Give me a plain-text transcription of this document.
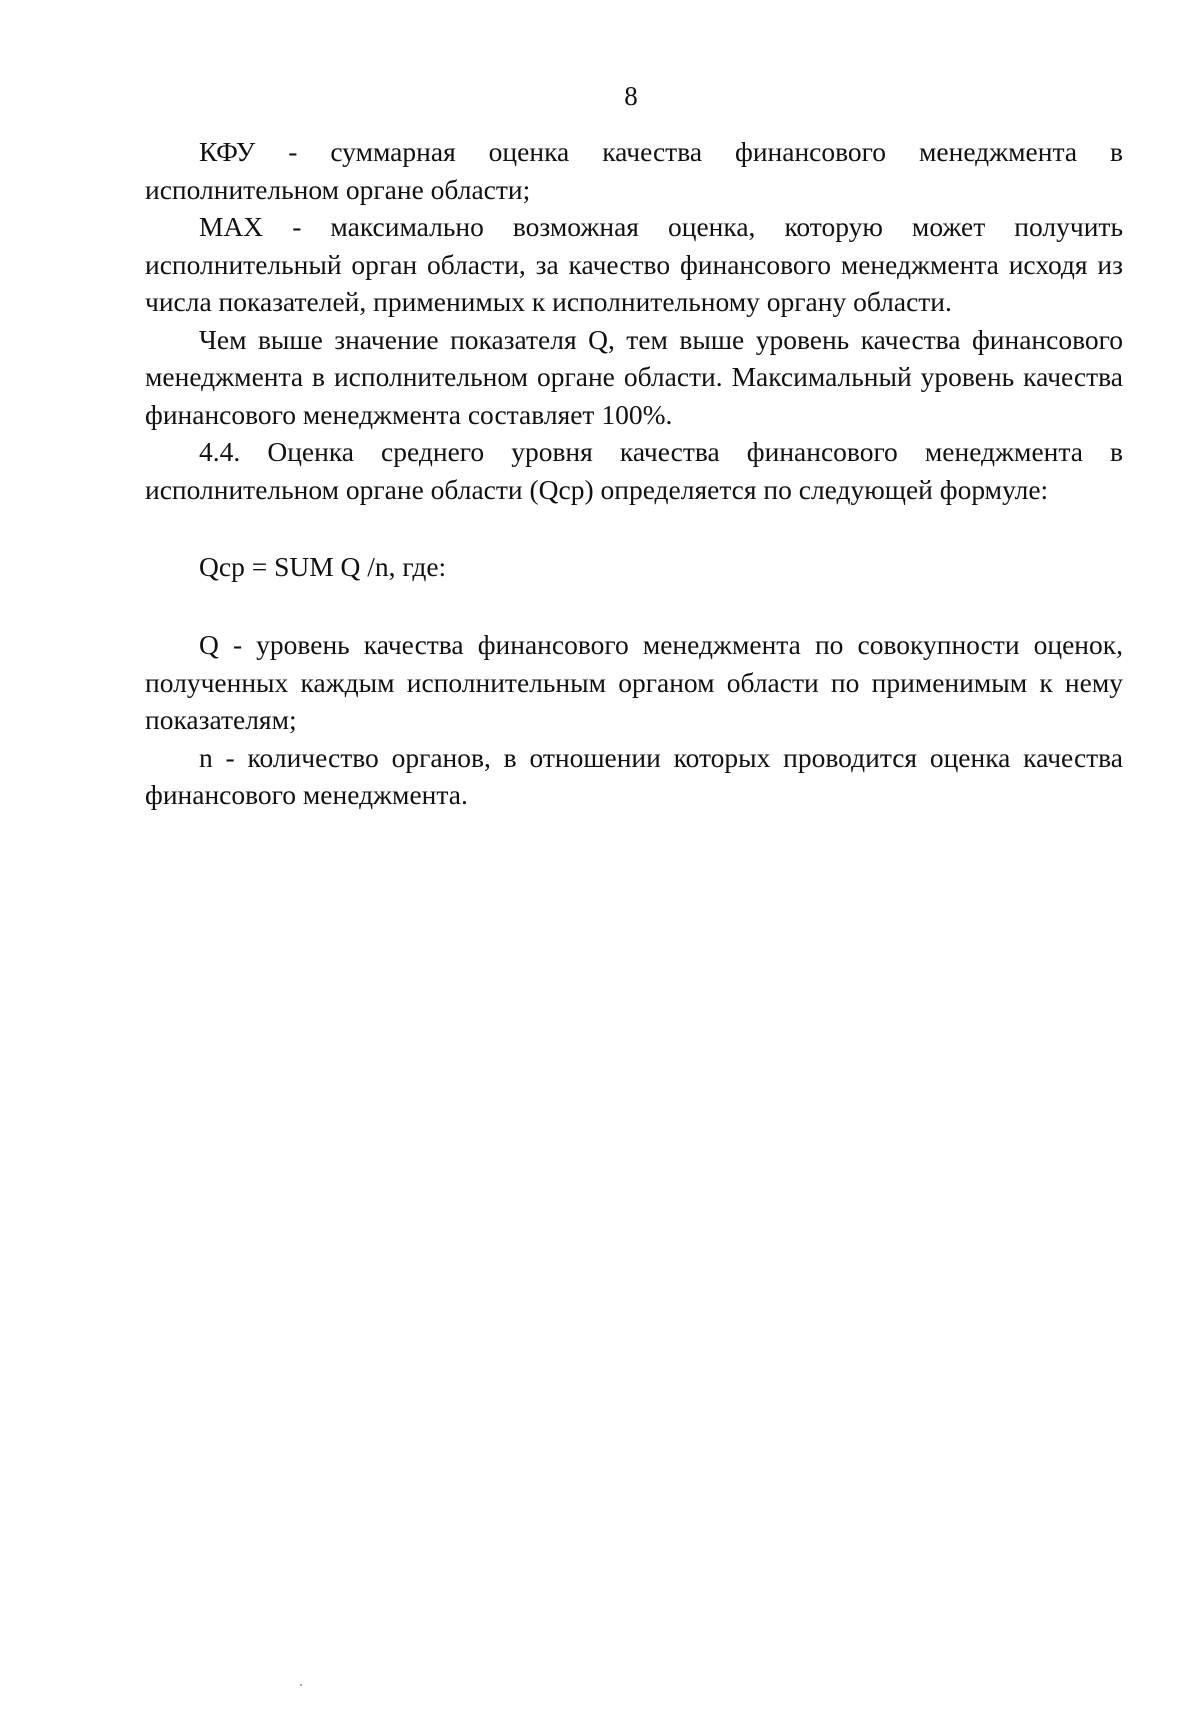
8

КФУ - суммарная оценка качества финансового менеджмента в исполнительном органе области;

MAX - максимально возможная оценка, которую может получить исполнительный орган области, за качество финансового менеджмента исходя из числа показателей, применимых к исполнительному органу области.

Чем выше значение показателя Q, тем выше уровень качества финансового менеджмента в исполнительном органе области. Максимальный уровень качества финансового менеджмента составляет 100%.

4.4. Оценка среднего уровня качества финансового менеджмента в исполнительном органе области (Qср) определяется по следующей формуле:

Qср = SUM Q /n, где:

Q - уровень качества финансового менеджмента по совокупности оценок, полученных каждым исполнительным органом области по применимым к нему показателям;

n - количество органов, в отношении которых проводится оценка качества финансового менеджмента.
